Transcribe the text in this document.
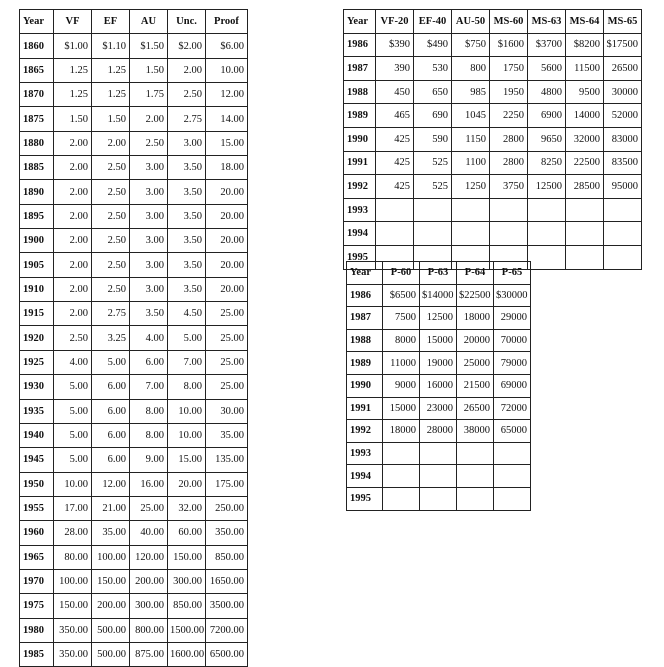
Year	VF	EF	AU	Unc.	Proof
1860	$1.00	$1.10	$1.50	$2.00	$6.00
1865	1.25	1.25	1.50	2.00	10.00
1870	1.25	1.25	1.75	2.50	12.00
1875	1.50	1.50	2.00	2.75	14.00
1880	2.00	2.00	2.50	3.00	15.00
1885	2.00	2.50	3.00	3.50	18.00
1890	2.00	2.50	3.00	3.50	20.00
1895	2.00	2.50	3.00	3.50	20.00
1900	2.00	2.50	3.00	3.50	20.00
1905	2.00	2.50	3.00	3.50	20.00
1910	2.00	2.50	3.00	3.50	20.00
1915	2.00	2.75	3.50	4.50	25.00
1920	2.50	3.25	4.00	5.00	25.00
1925	4.00	5.00	6.00	7.00	25.00
1930	5.00	6.00	7.00	8.00	25.00
1935	5.00	6.00	8.00	10.00	30.00
1940	5.00	6.00	8.00	10.00	35.00
1945	5.00	6.00	9.00	15.00	135.00
1950	10.00	12.00	16.00	20.00	175.00
1955	17.00	21.00	25.00	32.00	250.00
1960	28.00	35.00	40.00	60.00	350.00
1965	80.00	100.00	120.00	150.00	850.00
1970	100.00	150.00	200.00	300.00	1650.00
1975	150.00	200.00	300.00	850.00	3500.00
1980	350.00	500.00	800.00	1500.00	7200.00
1985	350.00	500.00	875.00	1600.00	6500.00
Year	VF-20	EF-40	AU-50	MS-60	MS-63	MS-64	MS-65
1986	$390	$490	$750	$1600	$3700	$8200	$17500
1987	390	530	800	1750	5600	11500	26500
1988	450	650	985	1950	4800	9500	30000
1989	465	690	1045	2250	6900	14000	52000
1990	425	590	1150	2800	9650	32000	83000
1991	425	525	1100	2800	8250	22500	83500
1992	425	525	1250	3750	12500	28500	95000
1993							
1994							
1995							
Year	P-60	P-63	P-64	P-65
1986	$6500	$14000	$22500	$30000
1987	7500	12500	18000	29000
1988	8000	15000	20000	70000
1989	11000	19000	25000	79000
1990	9000	16000	21500	69000
1991	15000	23000	26500	72000
1992	18000	28000	38000	65000
1993				
1994				
1995				
